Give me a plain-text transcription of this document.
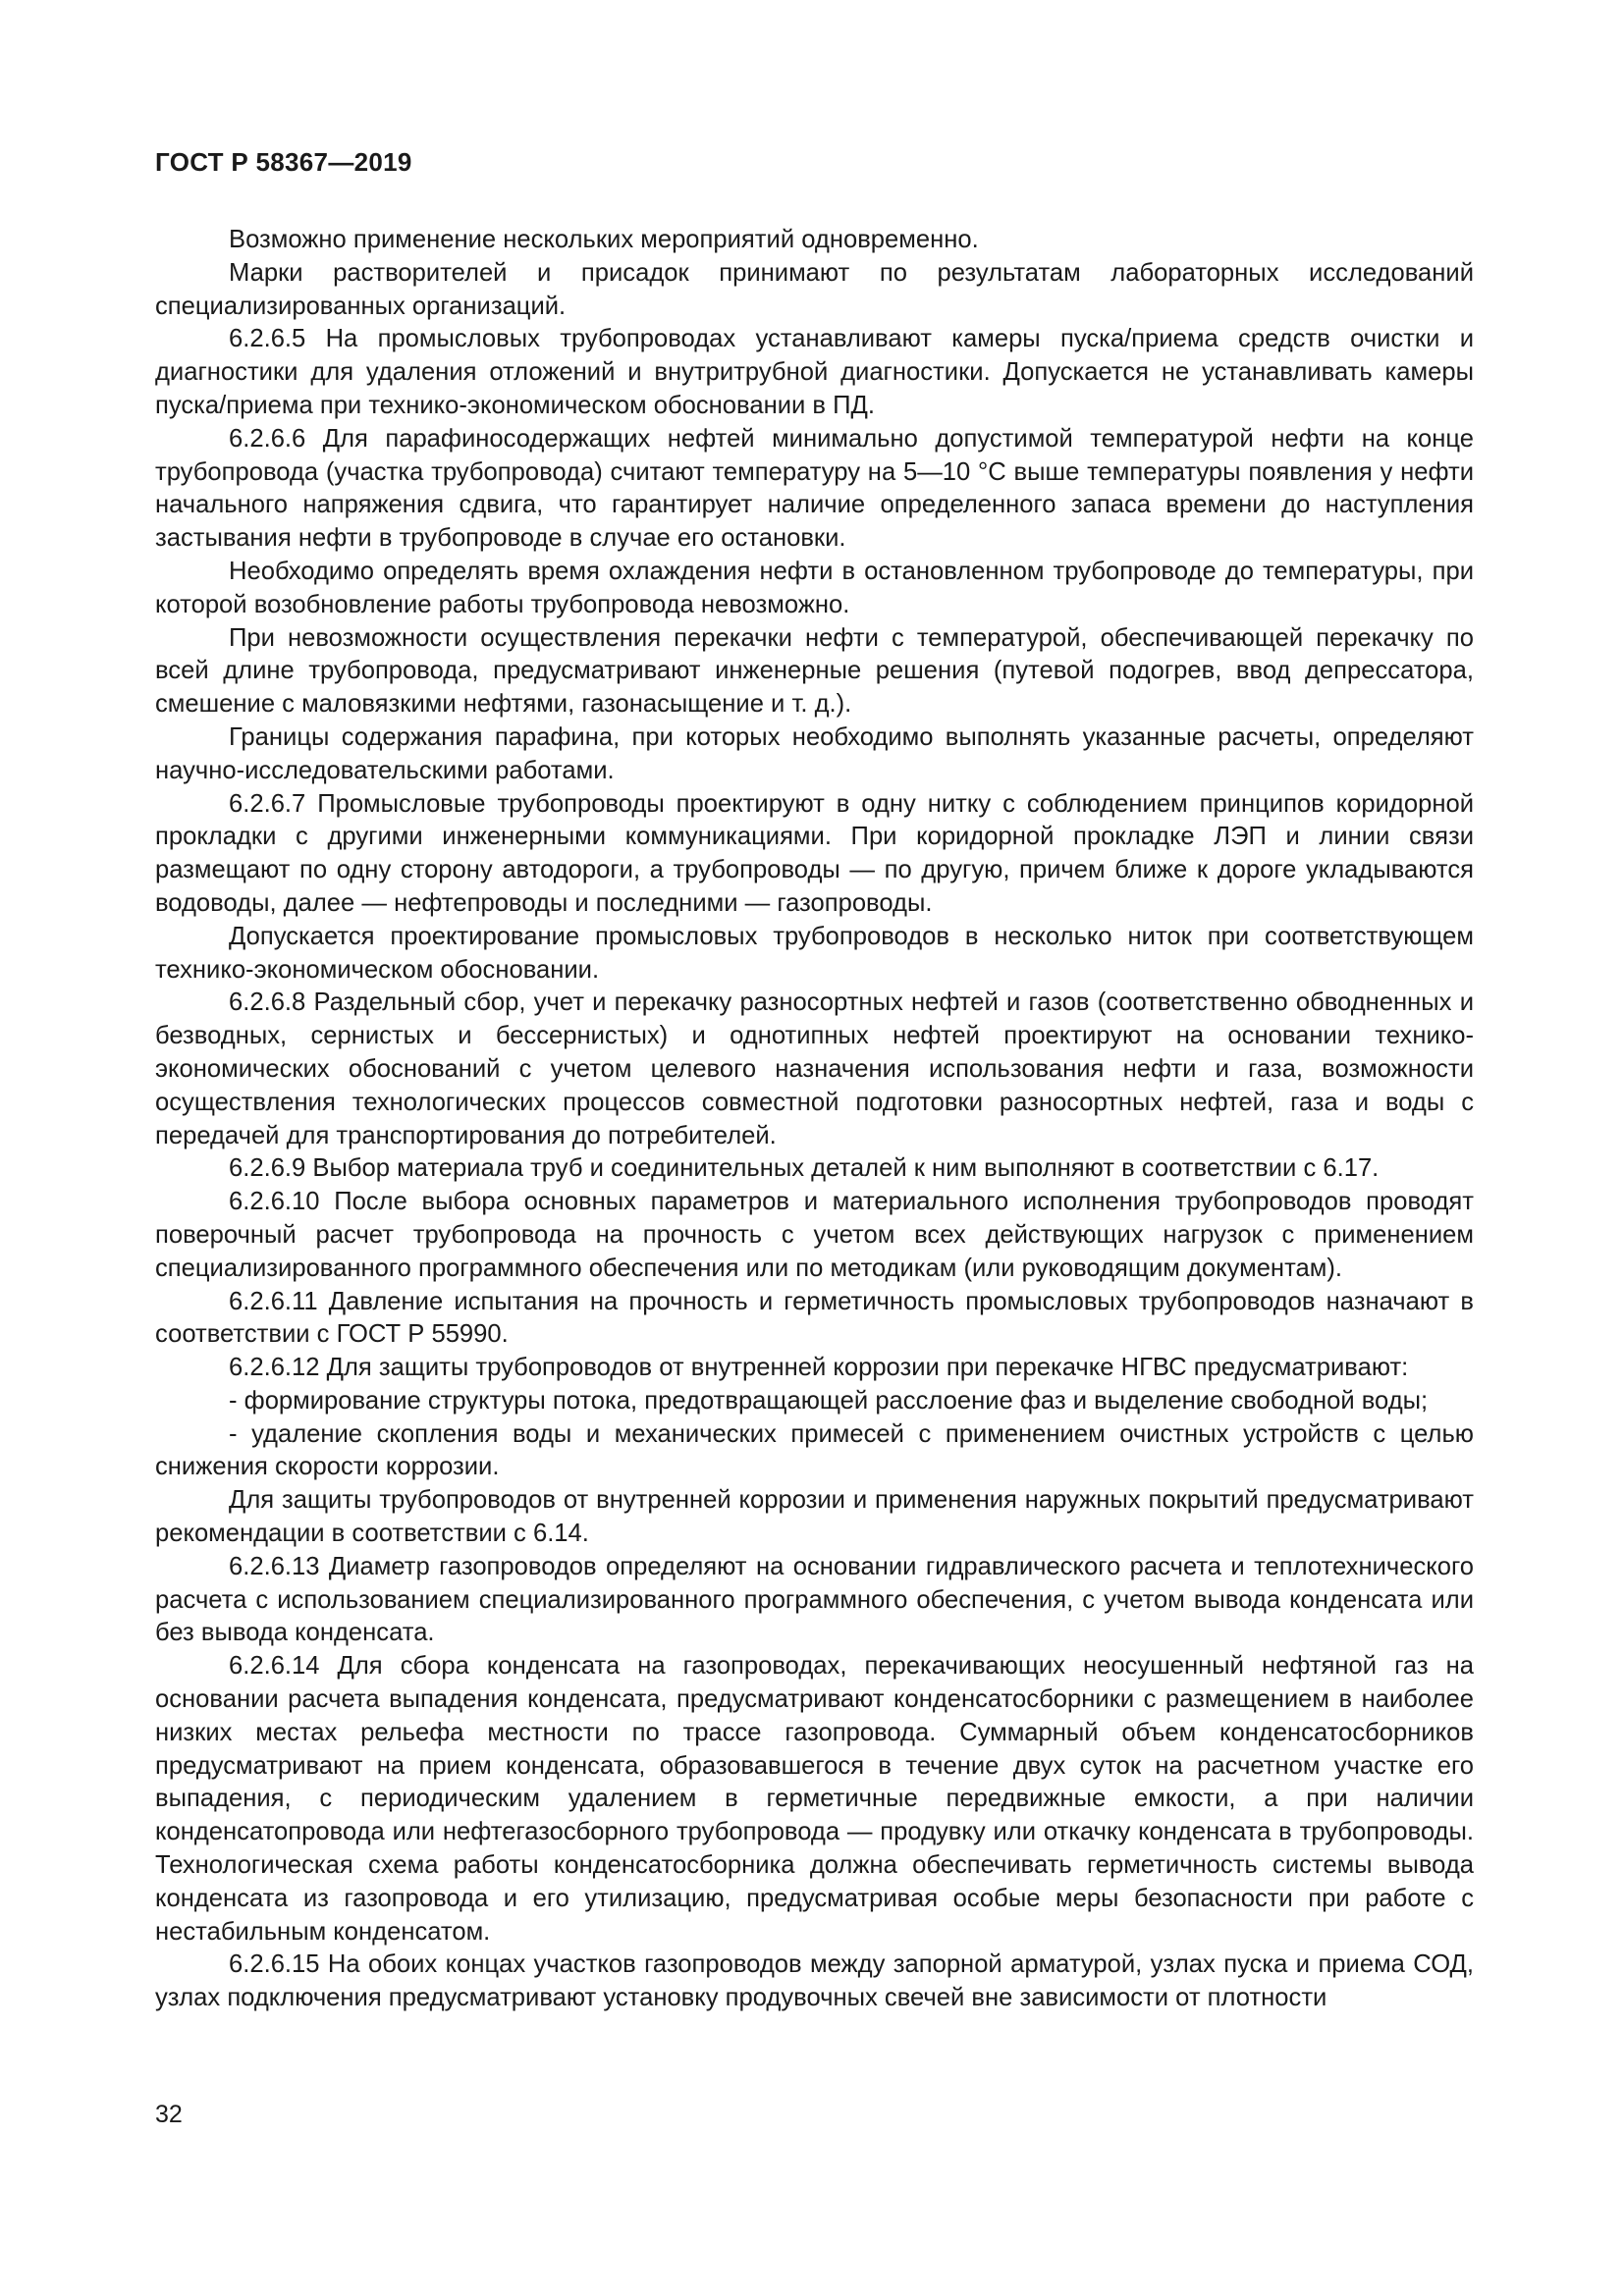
ГОСТ Р 58367—2019

Возможно применение нескольких мероприятий одновременно.

Марки растворителей и присадок принимают по результатам лабораторных исследований специализированных организаций.

6.2.6.5 На промысловых трубопроводах устанавливают камеры пуска/приема средств очистки и диагностики для удаления отложений и внутритрубной диагностики. Допускается не устанавливать камеры пуска/приема при технико-экономическом обосновании в ПД.

6.2.6.6 Для парафиносодержащих нефтей минимально допустимой температурой нефти на конце трубопровода (участка трубопровода) считают температуру на 5—10 °С выше температуры появления у нефти начального напряжения сдвига, что гарантирует наличие определенного запаса времени до наступления застывания нефти в трубопроводе в случае его остановки.

Необходимо определять время охлаждения нефти в остановленном трубопроводе до температуры, при которой возобновление работы трубопровода невозможно.

При невозможности осуществления перекачки нефти с температурой, обеспечивающей перекачку по всей длине трубопровода, предусматривают инженерные решения (путевой подогрев, ввод депрессатора, смешение с маловязкими нефтями, газонасыщение и т. д.).

Границы содержания парафина, при которых необходимо выполнять указанные расчеты, определяют научно-исследовательскими работами.

6.2.6.7 Промысловые трубопроводы проектируют в одну нитку с соблюдением принципов коридорной прокладки с другими инженерными коммуникациями. При коридорной прокладке ЛЭП и линии связи размещают по одну сторону автодороги, а трубопроводы — по другую, причем ближе к дороге укладываются водоводы, далее — нефтепроводы и последними — газопроводы.

Допускается проектирование промысловых трубопроводов в несколько ниток при соответствующем технико-экономическом обосновании.

6.2.6.8 Раздельный сбор, учет и перекачку разносортных нефтей и газов (соответственно обводненных и безводных, сернистых и бессернистых) и однотипных нефтей проектируют на основании технико-экономических обоснований с учетом целевого назначения использования нефти и газа, возможности осуществления технологических процессов совместной подготовки разносортных нефтей, газа и воды с передачей для транспортирования до потребителей.

6.2.6.9 Выбор материала труб и соединительных деталей к ним выполняют в соответствии с 6.17.

6.2.6.10 После выбора основных параметров и материального исполнения трубопроводов проводят поверочный расчет трубопровода на прочность с учетом всех действующих нагрузок с применением специализированного программного обеспечения или по методикам (или руководящим документам).

6.2.6.11 Давление испытания на прочность и герметичность промысловых трубопроводов назначают в соответствии с ГОСТ Р 55990.

6.2.6.12 Для защиты трубопроводов от внутренней коррозии при перекачке НГВС предусматривают:

- формирование структуры потока, предотвращающей расслоение фаз и выделение свободной воды;

- удаление скопления воды и механических примесей с применением очистных устройств с целью снижения скорости коррозии.

Для защиты трубопроводов от внутренней коррозии и применения наружных покрытий предусматривают рекомендации в соответствии с 6.14.

6.2.6.13 Диаметр газопроводов определяют на основании гидравлического расчета и теплотехнического расчета с использованием специализированного программного обеспечения, с учетом вывода конденсата или без вывода конденсата.

6.2.6.14 Для сбора конденсата на газопроводах, перекачивающих неосушенный нефтяной газ на основании расчета выпадения конденсата, предусматривают конденсатосборники с размещением в наиболее низких местах рельефа местности по трассе газопровода. Суммарный объем конденсатосборников предусматривают на прием конденсата, образовавшегося в течение двух суток на расчетном участке его выпадения, с периодическим удалением в герметичные передвижные емкости, а при наличии конденсатопровода или нефтегазосборного трубопровода — продувку или откачку конденсата в трубопроводы. Технологическая схема работы конденсатосборника должна обеспечивать герметичность системы вывода конденсата из газопровода и его утилизацию, предусматривая особые меры безопасности при работе с нестабильным конденсатом.

6.2.6.15 На обоих концах участков газопроводов между запорной арматурой, узлах пуска и приема СОД, узлах подключения предусматривают установку продувочных свечей вне зависимости от плотности

32
